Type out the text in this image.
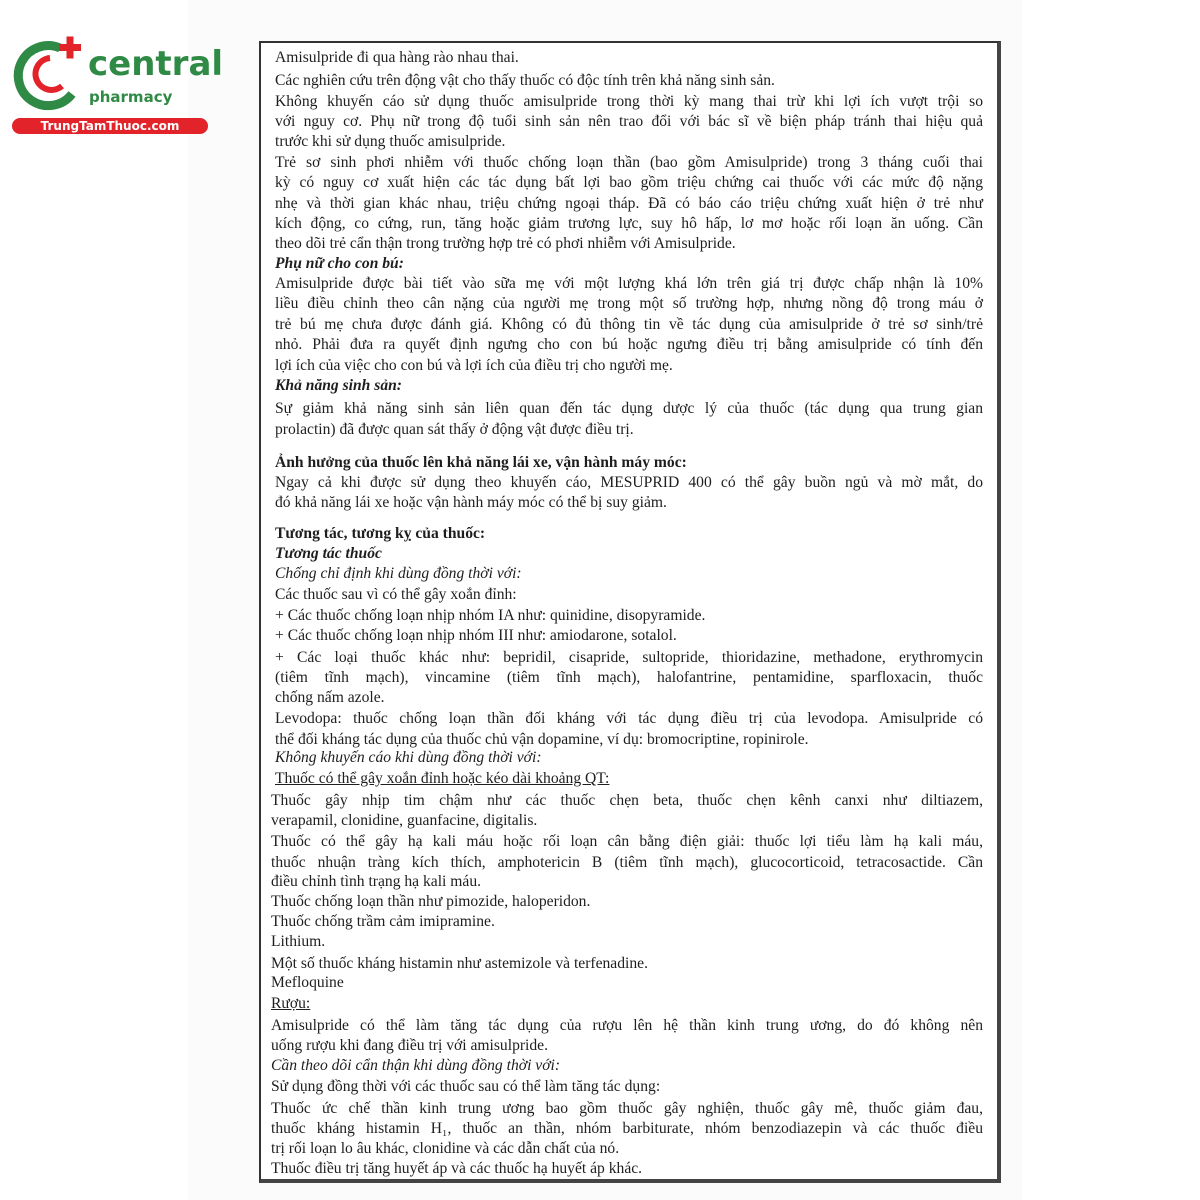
Amisulpride đi qua hàng rào nhau thai.
Các nghiên cứu trên động vật cho thấy thuốc có độc tính trên khả năng sinh sản.
Không khuyến cáo sử dụng thuốc amisulpride trong thời kỳ mang thai trừ khi lợi ích vượt trội so
với nguy cơ. Phụ nữ trong độ tuổi sinh sản nên trao đổi với bác sĩ về biện pháp tránh thai hiệu quả
trước khi sử dụng thuốc amisulpride.
Trẻ sơ sinh phơi nhiễm với thuốc chống loạn thần (bao gồm Amisulpride) trong 3 tháng cuối thai
kỳ có nguy cơ xuất hiện các tác dụng bất lợi bao gồm triệu chứng cai thuốc với các mức độ nặng
nhẹ và thời gian khác nhau, triệu chứng ngoại tháp. Đã có báo cáo triệu chứng xuất hiện ở trẻ như
kích động, co cứng, run, tăng hoặc giảm trương lực, suy hô hấp, lơ mơ hoặc rối loạn ăn uống. Cần
theo dõi trẻ cẩn thận trong trường hợp trẻ có phơi nhiễm với Amisulpride.
Phụ nữ cho con bú:
Amisulpride được bài tiết vào sữa mẹ với một lượng khá lớn trên giá trị được chấp nhận là 10%
liều điều chỉnh theo cân nặng của người mẹ trong một số trường hợp, nhưng nồng độ trong máu ở
trẻ bú mẹ chưa được đánh giá. Không có đủ thông tin về tác dụng của amisulpride ở trẻ sơ sinh/trẻ
nhỏ. Phải đưa ra quyết định ngưng cho con bú hoặc ngưng điều trị bằng amisulpride có tính đến
lợi ích của việc cho con bú và lợi ích của điều trị cho người mẹ.
Khả năng sinh sản:
Sự giảm khả năng sinh sản liên quan đến tác dụng dược lý của thuốc (tác dụng qua trung gian
prolactin) đã được quan sát thấy ở động vật được điều trị.
Ảnh hưởng của thuốc lên khả năng lái xe, vận hành máy móc:
Ngay cả khi được sử dụng theo khuyến cáo, MESUPRID 400 có thể gây buồn ngủ và mờ mắt, do
đó khả năng lái xe hoặc vận hành máy móc có thể bị suy giảm.
Tương tác, tương kỵ của thuốc:
Tương tác thuốc
Chống chỉ định khi dùng đồng thời với:
Các thuốc sau vì có thể gây xoắn đỉnh:
+ Các thuốc chống loạn nhịp nhóm IA như: quinidine, disopyramide.
+ Các thuốc chống loạn nhịp nhóm III như: amiodarone, sotalol.
+ Các loại thuốc khác như: bepridil, cisapride, sultopride, thioridazine, methadone, erythromycin
(tiêm tĩnh mạch), vincamine (tiêm tĩnh mạch), halofantrine, pentamidine, sparfloxacin, thuốc
chống nấm azole.
Levodopa: thuốc chống loạn thần đối kháng với tác dụng điều trị của levodopa. Amisulpride có
thể đối kháng tác dụng của thuốc chủ vận dopamine, ví dụ: bromocriptine, ropinirole.
Không khuyến cáo khi dùng đồng thời với:
Thuốc có thể gây xoắn đỉnh hoặc kéo dài khoảng QT:
Thuốc gây nhịp tim chậm như các thuốc chẹn beta, thuốc chẹn kênh canxi như diltiazem,
verapamil, clonidine, guanfacine, digitalis.
Thuốc có thể gây hạ kali máu hoặc rối loạn cân bằng điện giải: thuốc lợi tiểu làm hạ kali máu,
thuốc nhuận tràng kích thích, amphotericin B (tiêm tĩnh mạch), glucocorticoid, tetracosactide. Cần
điều chỉnh tình trạng hạ kali máu.
Thuốc chống loạn thần như pimozide, haloperidon.
Thuốc chống trầm cảm imipramine.
Lithium.
Một số thuốc kháng histamin như astemizole và terfenadine.
Mefloquine
Rượu:
Amisulpride có thể làm tăng tác dụng của rượu lên hệ thần kinh trung ương, do đó không nên
uống rượu khi đang điều trị với amisulpride.
Cần theo dõi cẩn thận khi dùng đồng thời với:
Sử dụng đồng thời với các thuốc sau có thể làm tăng tác dụng:
Thuốc ức chế thần kinh trung ương bao gồm thuốc gây nghiện, thuốc gây mê, thuốc giảm đau,
thuốc kháng histamin H₁, thuốc an thần, nhóm barbiturate, nhóm benzodiazepin và các thuốc điều
trị rối loạn lo âu khác, clonidine và các dẫn chất của nó.
Thuốc điều trị tăng huyết áp và các thuốc hạ huyết áp khác.
central
pharmacy
TrungTamThuoc.com
